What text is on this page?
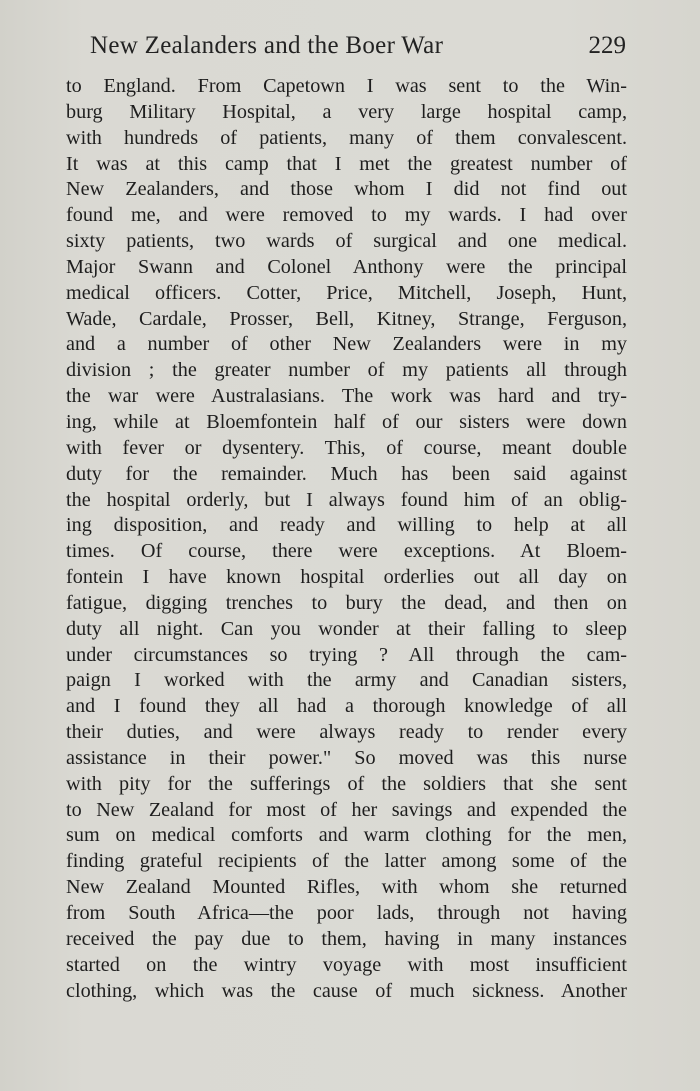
New Zealanders and the Boer War	229
to England. From Capetown I was sent to the Win-
burg Military Hospital, a very large hospital camp,
with hundreds of patients, many of them convalescent.
It was at this camp that I met the greatest number of
New Zealanders, and those whom I did not find out
found me, and were removed to my wards. I had over
sixty patients, two wards of surgical and one medical.
Major Swann and Colonel Anthony were the principal
medical officers. Cotter, Price, Mitchell, Joseph, Hunt,
Wade, Cardale, Prosser, Bell, Kitney, Strange, Ferguson,
and a number of other New Zealanders were in my
division ; the greater number of my patients all through
the war were Australasians. The work was hard and try-
ing, while at Bloemfontein half of our sisters were down
with fever or dysentery. This, of course, meant double
duty for the remainder. Much has been said against
the hospital orderly, but I always found him of an oblig-
ing disposition, and ready and willing to help at all
times. Of course, there were exceptions. At Bloem-
fontein I have known hospital orderlies out all day on
fatigue, digging trenches to bury the dead, and then on
duty all night. Can you wonder at their falling to sleep
under circumstances so trying ? All through the cam-
paign I worked with the army and Canadian sisters,
and I found they all had a thorough knowledge of all
their duties, and were always ready to render every
assistance in their power." So moved was this nurse
with pity for the sufferings of the soldiers that she sent
to New Zealand for most of her savings and expended the
sum on medical comforts and warm clothing for the men,
finding grateful recipients of the latter among some of the
New Zealand Mounted Rifles, with whom she returned
from South Africa—the poor lads, through not having
received the pay due to them, having in many instances
started on the wintry voyage with most insufficient
clothing, which was the cause of much sickness. Another
